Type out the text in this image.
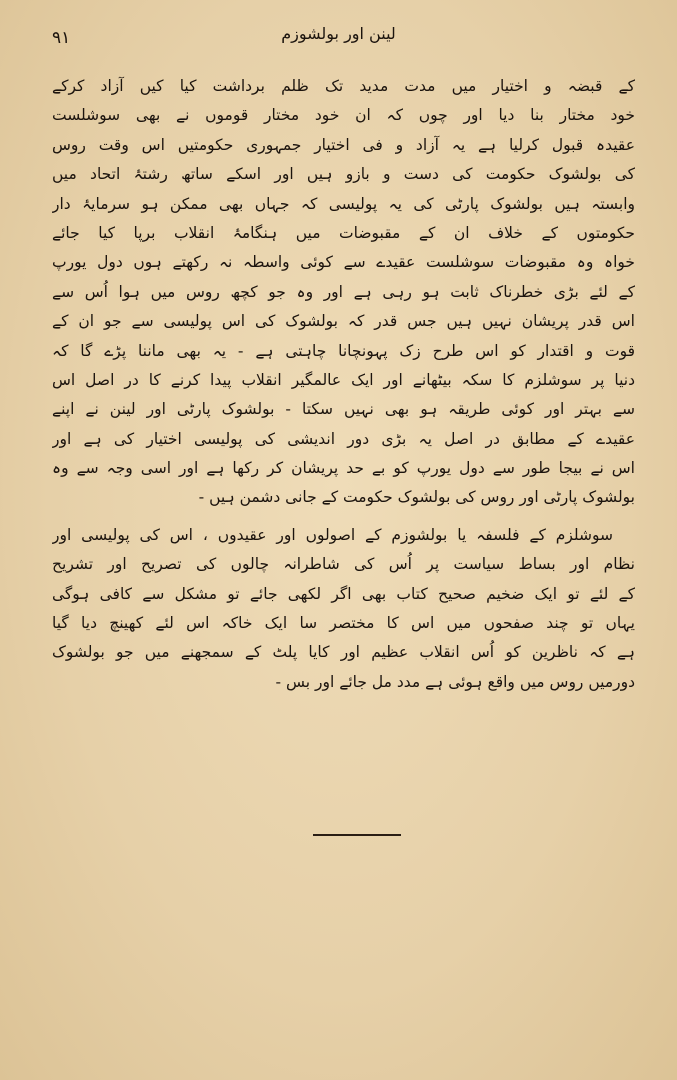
لینن اور بولشوزم
۹۱
کے قبضہ و اختیار میں مدت مدید تک ظلم برداشت کیا کیں آزاد کرکے
خود مختار بنا دیا اور چوں کہ ان خود مختار قوموں نے بھی سوشلست
عقیدہ قبول کرلیا ہے یہ آزاد و فی اختیار جمہوری حکومتیں اس وقت روس
کی بولشوک حکومت کی دست و بازو ہیں اور اسکے ساتھ رشتۂ اتحاد میں
وابستہ ہیں بولشوک پارٹی کی یہ پولیسی کہ جہاں بھی ممکن ہو سرمایۂ دار
حکومتوں کے خلاف ان کے مقبوضات میں ہنگامۂ انقلاب برپا کیا جائے
خواہ وہ مقبوضات سوشلست عقیدے سے کوئی واسطہ نہ رکھتے ہوں دول یورپ
کے لئے بڑی خطرناک ثابت ہو رہی ہے اور وہ جو کچھ روس میں ہوا اُس سے
اس قدر پریشان نہیں ہیں جس قدر کہ بولشوک کی اس پولیسی سے جو ان کے
قوت و اقتدار کو اس طرح زک پہونچانا چاہتی ہے - یہ بھی ماننا پڑے گا کہ
دنیا پر سوشلزم کا سکہ بیٹھانے اور ایک عالمگیر انقلاب پیدا کرنے کا در اصل اس
سے بہتر اور کوئی طریقہ ہو بھی نہیں سکتا - بولشوک پارٹی اور لینن نے اپنے
عقیدے کے مطابق در اصل یہ بڑی دور اندیشی کی پولیسی اختیار کی ہے اور
اس نے بیجا طور سے دول یورپ کو بے حد پریشان کر رکھا ہے اور اسی وجہ سے وہ
بولشوک پارٹی اور روس کی بولشوک حکومت کے جانی دشمن ہیں -
سوشلزم کے فلسفہ یا بولشوزم کے اصولوں اور عقیدوں ، اس کی پولیسی اور
نظام اور بساط سیاست پر اُس کی شاطرانہ چالوں کی تصریح اور تشریح
کے لئے تو ایک ضخیم صحیح کتاب بھی اگر لکھی جائے تو مشکل سے کافی ہوگی
یہاں تو چند صفحوں میں اس کا مختصر سا ایک خاکہ اس لئے کھینچ دیا گیا
ہے کہ ناظرین کو اُس انقلاب عظیم اور کایا پلٹ کے سمجھنے میں جو بولشوک
دورمیں روس میں واقع ہوئی ہے مدد مل جائے اور بس -
